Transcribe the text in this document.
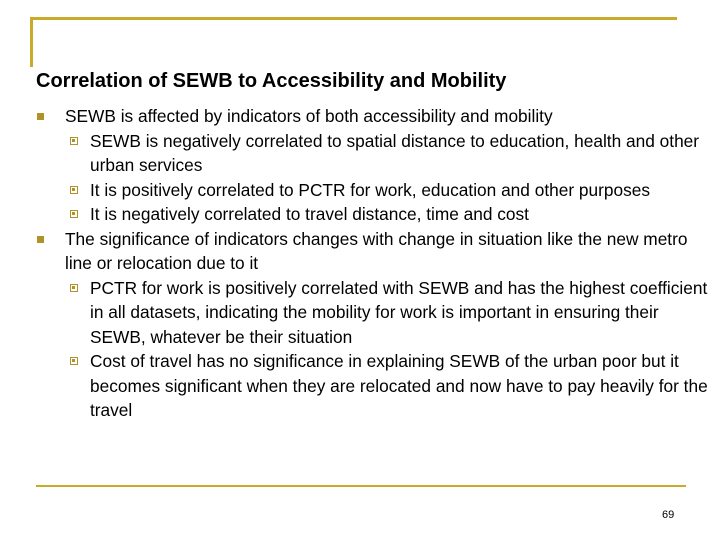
Correlation of SEWB to Accessibility and Mobility
SEWB is affected by indicators of both accessibility and mobility
SEWB is negatively correlated to spatial distance to education, health and other urban services
It is positively correlated to PCTR for work, education and other purposes
It is negatively correlated to travel distance, time and cost
The significance of indicators changes with change in situation like the new metro line or relocation due to it
PCTR for work is positively correlated with SEWB and has the highest coefficient in all datasets, indicating the mobility for work is important in ensuring their SEWB, whatever be their situation
Cost of travel has no significance in explaining SEWB of the urban poor but it becomes significant when they are relocated and now have to pay heavily for the travel
69
